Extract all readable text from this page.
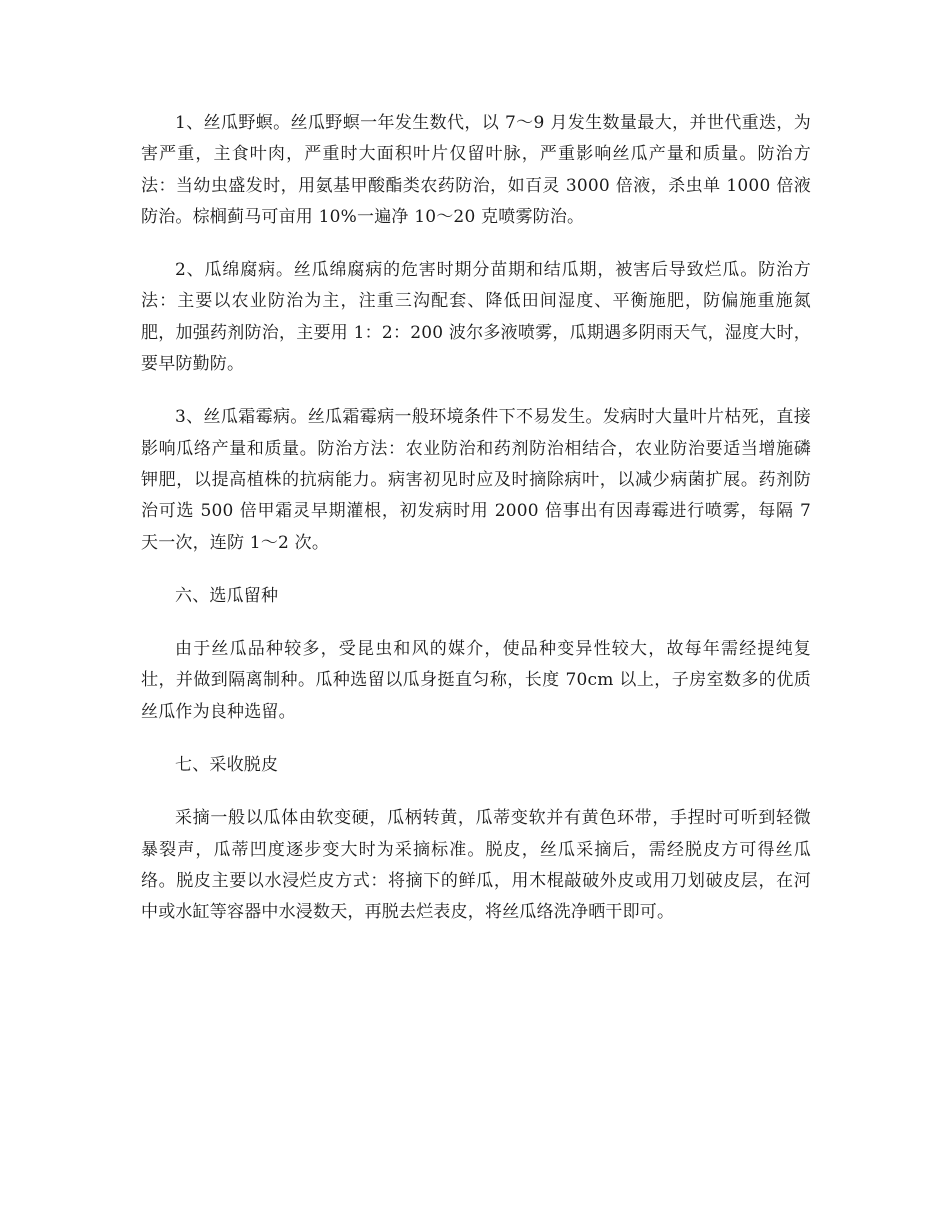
1、丝瓜野螟。丝瓜野螟一年发生数代，以 7～9 月发生数量最大，并世代重迭，为害严重，主食叶肉，严重时大面积叶片仅留叶脉，严重影响丝瓜产量和质量。防治方法：当幼虫盛发时，用氨基甲酸酯类农药防治，如百灵 3000 倍液，杀虫单 1000 倍液防治。棕榈蓟马可亩用 10%一遍净 10～20 克喷雾防治。

2、瓜绵腐病。丝瓜绵腐病的危害时期分苗期和结瓜期，被害后导致烂瓜。防治方法：主要以农业防治为主，注重三沟配套、降低田间湿度、平衡施肥，防偏施重施氮肥，加强药剂防治，主要用 1：2：200 波尔多液喷雾，瓜期遇多阴雨天气，湿度大时，要早防勤防。

3、丝瓜霜霉病。丝瓜霜霉病一般环境条件下不易发生。发病时大量叶片枯死，直接影响瓜络产量和质量。防治方法：农业防治和药剂防治相结合，农业防治要适当增施磷钾肥，以提高植株的抗病能力。病害初见时应及时摘除病叶，以减少病菌扩展。药剂防治可选 500 倍甲霜灵早期灌根，初发病时用 2000 倍事出有因毒霉进行喷雾，每隔 7 天一次，连防 1～2 次。

六、选瓜留种

由于丝瓜品种较多，受昆虫和风的媒介，使品种变异性较大，故每年需经提纯复壮，并做到隔离制种。瓜种选留以瓜身挺直匀称，长度 70cm 以上，子房室数多的优质丝瓜作为良种选留。

七、采收脱皮

采摘一般以瓜体由软变硬，瓜柄转黄，瓜蒂变软并有黄色环带，手捏时可听到轻微暴裂声，瓜蒂凹度逐步变大时为采摘标准。脱皮，丝瓜采摘后，需经脱皮方可得丝瓜络。脱皮主要以水浸烂皮方式：将摘下的鲜瓜，用木棍敲破外皮或用刀划破皮层，在河中或水缸等容器中水浸数天，再脱去烂表皮，将丝瓜络洗净晒干即可。
